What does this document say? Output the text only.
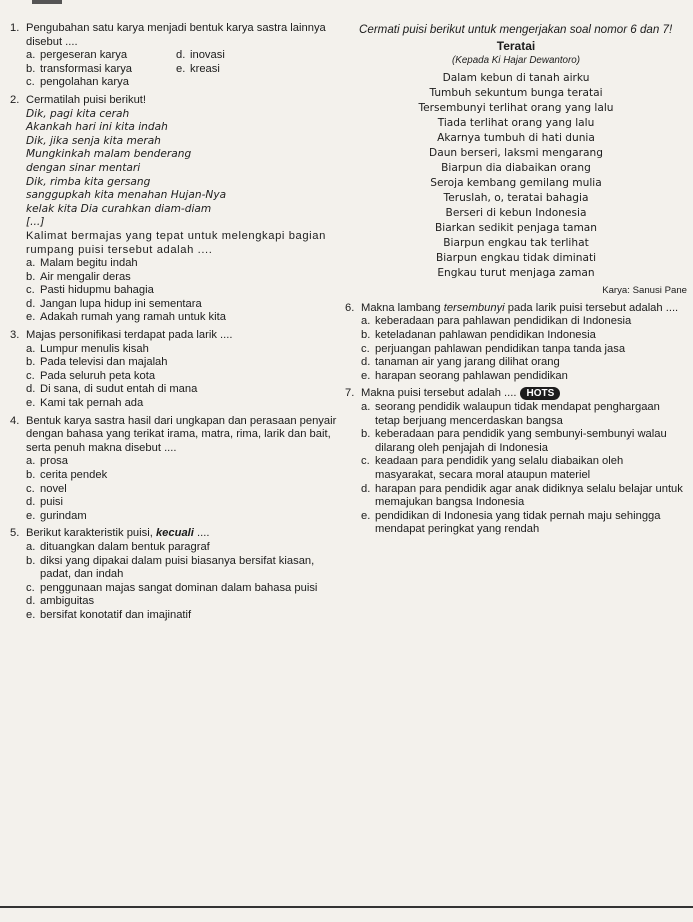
1. Pengubahan satu karya menjadi bentuk karya sastra lainnya disebut ....
a. pergeseran karya	d. inovasi
b. transformasi karya	e. kreasi
c. pengolahan karya
2. Cermatilah puisi berikut!
Dik, pagi kita cerah
Akankah hari ini kita indah
Dik, jika senja kita merah
Mungkinkah malam benderang
dengan sinar mentari
Dik, rimba kita gersang
sanggupkah kita menahan Hujan-Nya
kelak kita Dia curahkan diam-diam
[...]
Kalimat bermajas yang tepat untuk melengkapi bagian rumpang puisi tersebut adalah ....
a. Malam begitu indah
b. Air mengalir deras
c. Pasti hidupmu bahagia
d. Jangan lupa hidup ini sementara
e. Adakah rumah yang ramah untuk kita
3. Majas personifikasi terdapat pada larik ....
a. Lumpur menulis kisah
b. Pada televisi dan majalah
c. Pada seluruh peta kota
d. Di sana, di sudut entah di mana
e. Kami tak pernah ada
4. Bentuk karya sastra hasil dari ungkapan dan perasaan penyair dengan bahasa yang terikat irama, matra, rima, larik dan bait, serta penuh makna disebut ....
a. prosa
b. cerita pendek
c. novel
d. puisi
e. gurindam
5. Berikut karakteristik puisi, kecuali ....
a. dituangkan dalam bentuk paragraf
b. diksi yang dipakai dalam puisi biasanya bersifat kiasan, padat, dan indah
c. penggunaan majas sangat dominan dalam bahasa puisi
d. ambiguitas
e. bersifat konotatif dan imajinatif
Cermati puisi berikut untuk mengerjakan soal nomor 6 dan 7!
Teratai
(Kepada Ki Hajar Dewantoro)
Dalam kebun di tanah airku
Tumbuh sekuntum bunga teratai
Tersembunyi terlihat orang yang lalu
Tiada terlihat orang yang lalu
Akarnya tumbuh di hati dunia
Daun berseri, laksmi mengarang
Biarpun dia diabaikan orang
Seroja kembang gemilang mulia
Teruslah, o, teratai bahagia
Berseri di kebun Indonesia
Biarkan sedikit penjaga taman
Biarpun engkau tak terlihat
Biarpun engkau tidak diminati
Engkau turut menjaga zaman
Karya: Sanusi Pane
6. Makna lambang tersembunyi pada larik puisi tersebut adalah ....
a. keberadaan para pahlawan pendidikan di Indonesia
b. keteladanan pahlawan pendidikan Indonesia
c. perjuangan pahlawan pendidikan tanpa tanda jasa
d. tanaman air yang jarang dilihat orang
e. harapan seorang pahlawan pendidikan
7. Makna puisi tersebut adalah .... HOTS
a. seorang pendidik walaupun tidak mendapat penghargaan tetap berjuang mencerdaskan bangsa
b. keberadaan para pendidik yang sembunyi-sembunyi walau dilarang oleh penjajah di Indonesia
c. keadaan para pendidik yang selalu diabaikan oleh masyarakat, secara moral ataupun materiel
d. harapan para pendidik agar anak didiknya selalu belajar untuk memajukan bangsa Indonesia
e. pendidikan di Indonesia yang tidak pernah maju sehingga mendapat peringkat yang rendah
